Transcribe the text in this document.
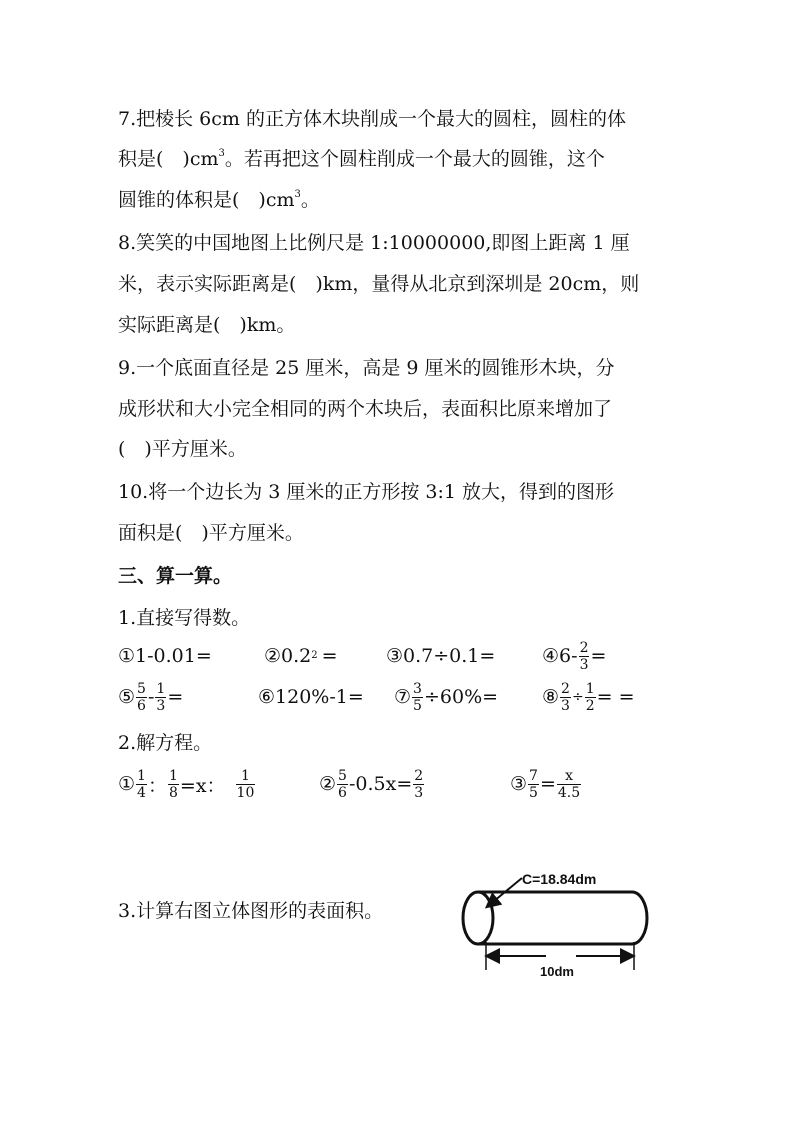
7.把棱长 6cm 的正方体木块削成一个最大的圆柱，圆柱的体
积是(　)$cm^3$。若再把这个圆柱削成一个最大的圆锥，这个
圆锥的体积是(　)$cm^3$。
8.笑笑的中国地图上比例尺是 1:10000000,即图上距离 1 厘
米，表示实际距离是(　)km，量得从北京到深圳是 20cm，则
实际距离是(　)km。
9.一个底面直径是 25 厘米，高是 9 厘米的圆锥形木块，分
成形状和大小完全相同的两个木块后，表面积比原来增加了
(　)平方厘米。
10.将一个边长为 3 厘米的正方形按 3:1 放大，得到的图形
面积是(　)平方厘米。
三、算一算。
1.直接写得数。
① 1-0.01=	② 0.2 2 =	③ 0.7÷0.1= ④ $6- \frac{2}{3}$ =
⑤ $\frac{5}{6} - \frac{1}{3}$ =	⑥ 120%-1= ⑦ $\frac{3}{5} \div 60\%=$ ⑧ $\frac{2}{3} \div \frac{1}{2}$ = =
2.解方程。
① $\frac{1}{4}$ ： $\frac{1}{8} =x$： $\frac{1}{10}$	② $\frac{5}{6} -0.5x= \frac{2}{3}$	③ $\frac{7}{5} = \frac{x}{4.5}$
3.计算右图立体图形的表面积。
C=18.84dm
10dm
